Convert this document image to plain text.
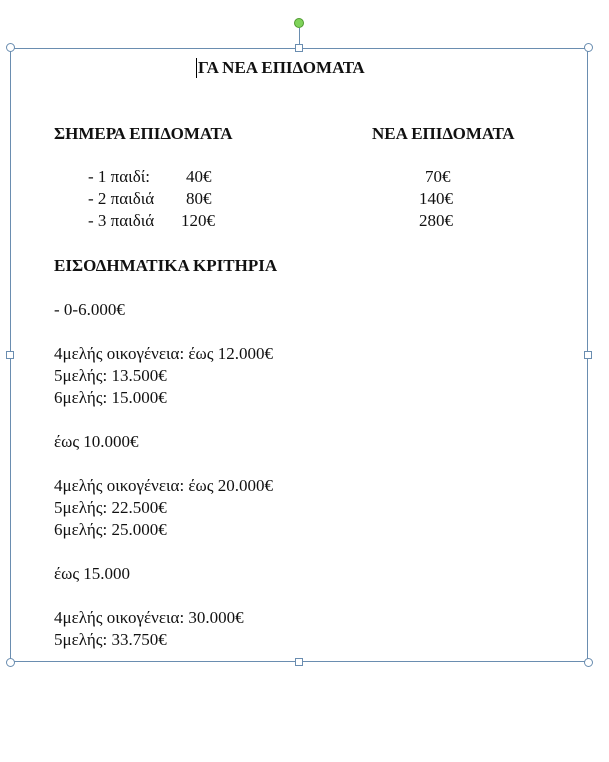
ΓΑ ΝΕΑ ΕΠΙΔΟΜΑΤΑ
ΣΗΜΕΡΑ ΕΠΙΔΟΜΑΤΑ	ΝΕΑ ΕΠΙΔΟΜΑΤΑ
- 1 παιδί: 40€	70€
- 2 παιδιά 80€	140€
- 3 παιδιά 120€	280€
ΕΙΣΟΔΗΜΑΤΙΚΑ ΚΡΙΤΗΡΙΑ
- 0-6.000€
4μελής οικογένεια: έως 12.000€
5μελής: 13.500€
6μελής: 15.000€
έως 10.000€
4μελής οικογένεια: έως 20.000€
5μελής: 22.500€
6μελής: 25.000€
έως 15.000
4μελής οικογένεια: 30.000€
5μελής: 33.750€
